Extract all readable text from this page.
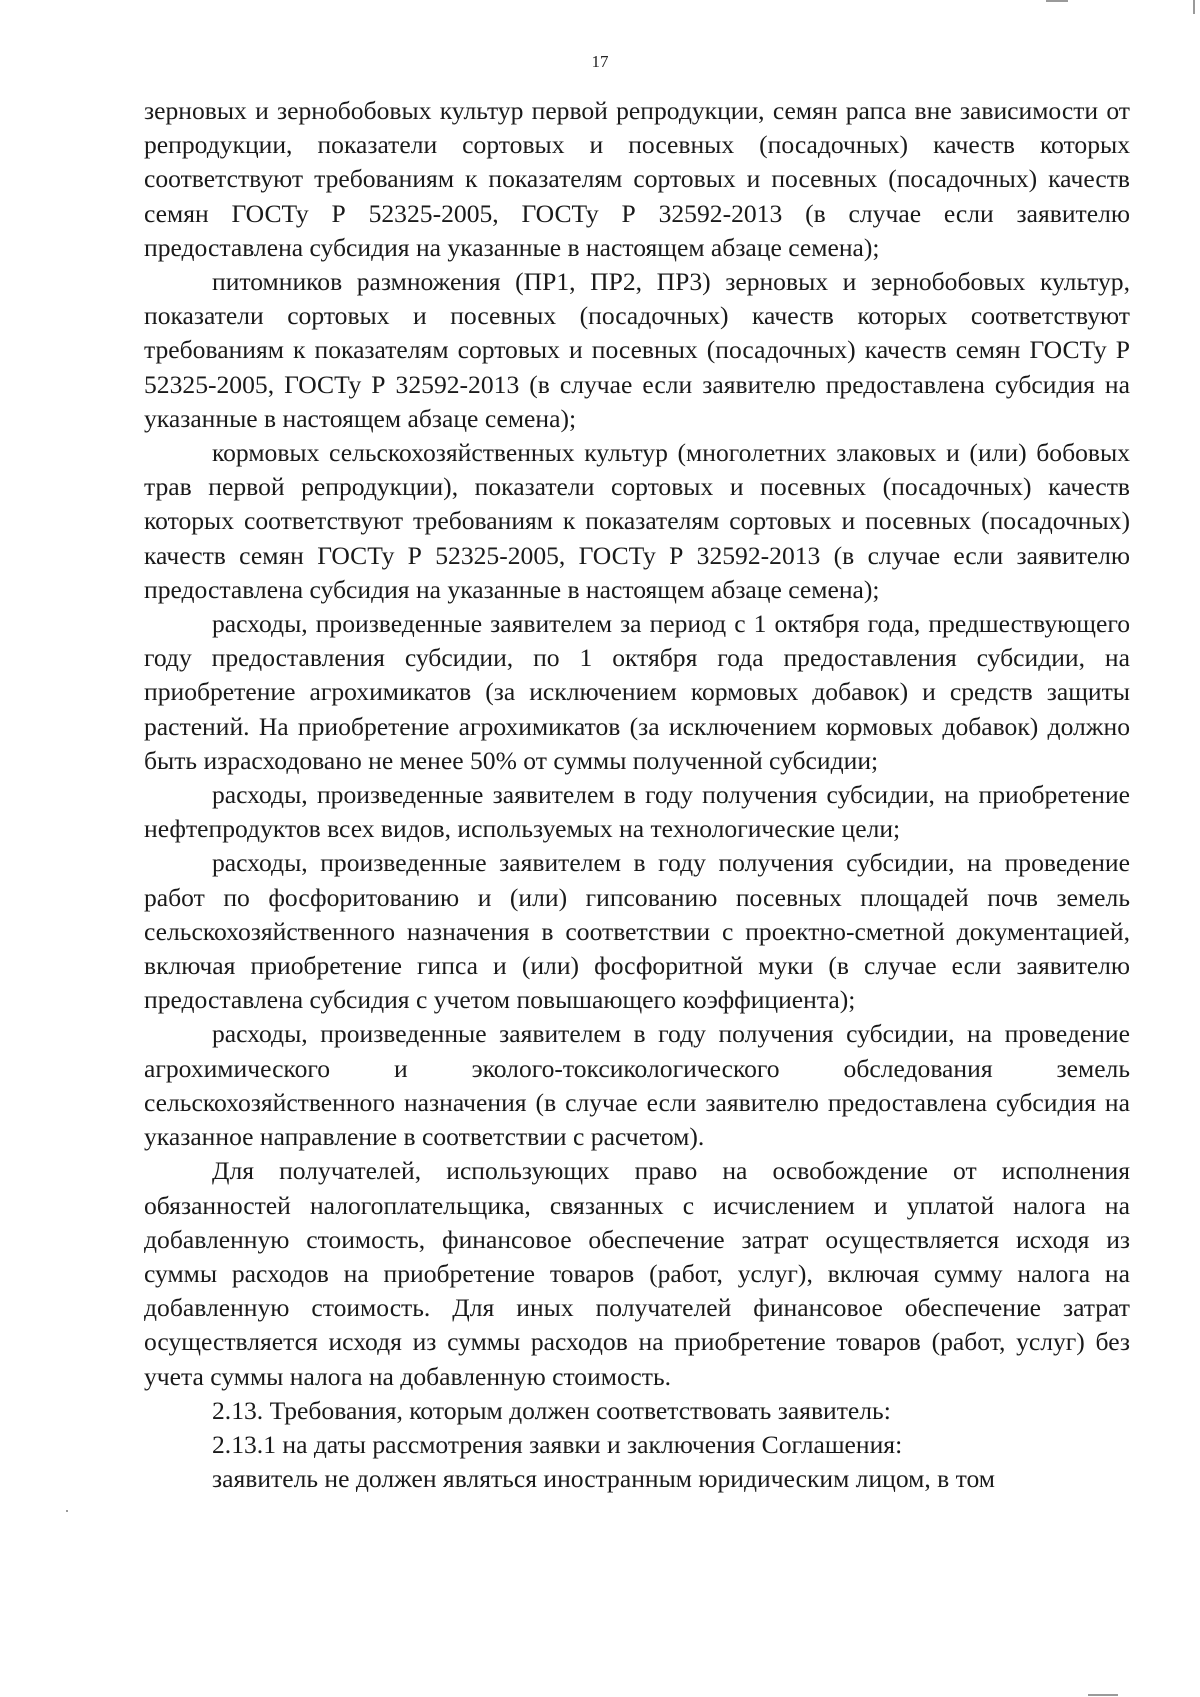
17

зерновых и зернобобовых культур первой репродукции, семян рапса вне зависимости от репродукции, показатели сортовых и посевных (посадочных) качеств которых соответствуют требованиям к показателям сортовых и посевных (посадочных) качеств семян ГОСТу Р 52325-2005, ГОСТу Р 32592-2013 (в случае если заявителю предоставлена субсидия на указанные в настоящем абзаце семена);

питомников размножения (ПР1, ПР2, ПР3) зерновых и зернобобовых культур, показатели сортовых и посевных (посадочных) качеств которых соответствуют требованиям к показателям сортовых и посевных (посадочных) качеств семян ГОСТу Р 52325-2005, ГОСТу Р 32592-2013 (в случае если заявителю предоставлена субсидия на указанные в настоящем абзаце семена);

кормовых сельскохозяйственных культур (многолетних злаковых и (или) бобовых трав первой репродукции), показатели сортовых и посевных (посадочных) качеств которых соответствуют требованиям к показателям сортовых и посевных (посадочных) качеств семян ГОСТу Р 52325-2005, ГОСТу Р 32592-2013 (в случае если заявителю предоставлена субсидия на указанные в настоящем абзаце семена);

расходы, произведенные заявителем за период с 1 октября года, предшествующего году предоставления субсидии, по 1 октября года предоставления субсидии, на приобретение агрохимикатов (за исключением кормовых добавок) и средств защиты растений. На приобретение агрохимикатов (за исключением кормовых добавок) должно быть израсходовано не менее 50% от суммы полученной субсидии;

расходы, произведенные заявителем в году получения субсидии, на приобретение нефтепродуктов всех видов, используемых на технологические цели;

расходы, произведенные заявителем в году получения субсидии, на проведение работ по фосфоритованию и (или) гипсованию посевных площадей почв земель сельскохозяйственного назначения в соответствии с проектно-сметной документацией, включая приобретение гипса и (или) фосфоритной муки (в случае если заявителю предоставлена субсидия с учетом повышающего коэффициента);

расходы, произведенные заявителем в году получения субсидии, на проведение агрохимического и эколого-токсикологического обследования земель сельскохозяйственного назначения (в случае если заявителю предоставлена субсидия на указанное направление в соответствии с расчетом).

Для получателей, использующих право на освобождение от исполнения обязанностей налогоплательщика, связанных с исчислением и уплатой налога на добавленную стоимость, финансовое обеспечение затрат осуществляется исходя из суммы расходов на приобретение товаров (работ, услуг), включая сумму налога на добавленную стоимость. Для иных получателей финансовое обеспечение затрат осуществляется исходя из суммы расходов на приобретение товаров (работ, услуг) без учета суммы налога на добавленную стоимость.

2.13. Требования, которым должен соответствовать заявитель:

2.13.1 на даты рассмотрения заявки и заключения Соглашения:

заявитель не должен являться иностранным юридическим лицом, в том
